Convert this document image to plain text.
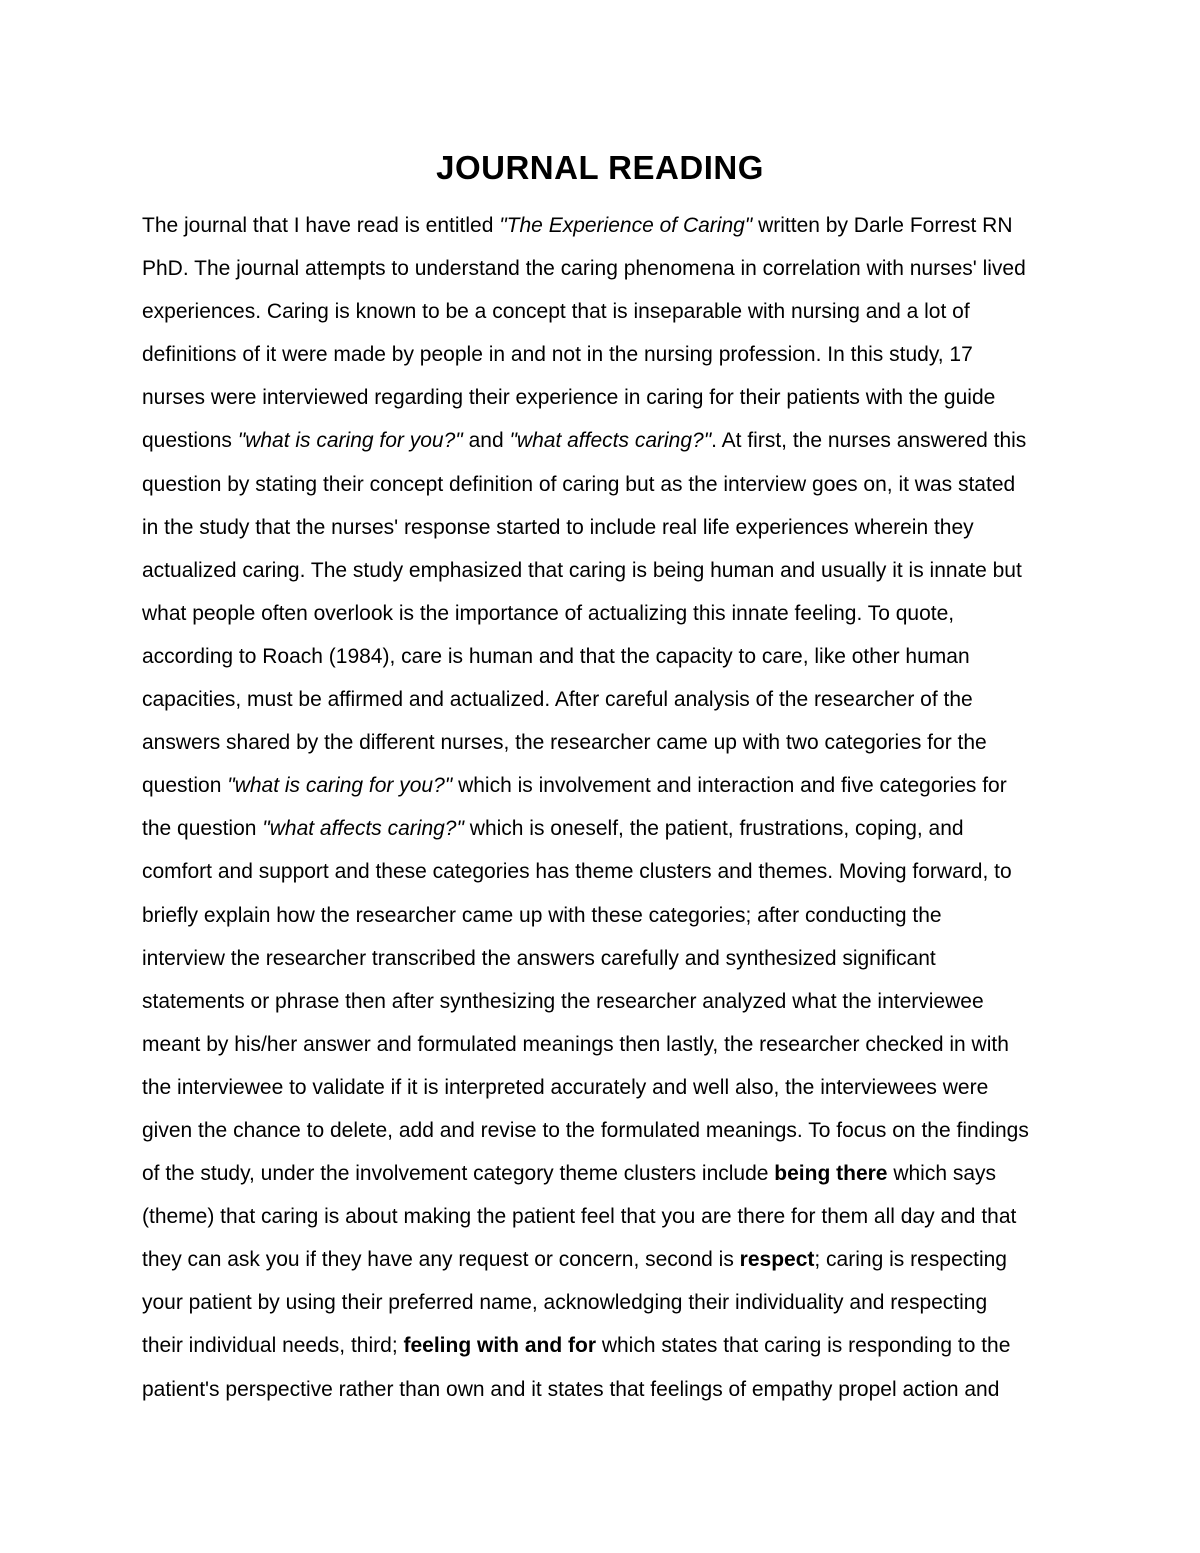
JOURNAL READING
The journal that I have read is entitled "The Experience of Caring" written by Darle Forrest RN
PhD. The journal attempts to understand the caring phenomena in correlation with nurses' lived
experiences. Caring is known to be a concept that is inseparable with nursing and a lot of
definitions of it were made by people in and not in the nursing profession. In this study, 17
nurses were interviewed regarding their experience in caring for their patients with the guide
questions "what is caring for you?" and "what affects caring?". At first, the nurses answered this
question by stating their concept definition of caring but as the interview goes on, it was stated
in the study that the nurses' response started to include real life experiences wherein they
actualized caring. The study emphasized that caring is being human and usually it is innate but
what people often overlook is the importance of actualizing this innate feeling. To quote,
according to Roach (1984), care is human and that the capacity to care, like other human
capacities, must be affirmed and actualized. After careful analysis of the researcher of the
answers shared by the different nurses, the researcher came up with two categories for the
question "what is caring for you?" which is involvement and interaction and five categories for
the question "what affects caring?" which is oneself, the patient, frustrations, coping, and
comfort and support and these categories has theme clusters and themes. Moving forward, to
briefly explain how the researcher came up with these categories; after conducting the
interview the researcher transcribed the answers carefully and synthesized significant
statements or phrase then after synthesizing the researcher analyzed what the interviewee
meant by his/her answer and formulated meanings then lastly, the researcher checked in with
the interviewee to validate if it is interpreted accurately and well also, the interviewees were
given the chance to delete, add and revise to the formulated meanings. To focus on the findings
of the study, under the involvement category theme clusters include being there which says
(theme) that caring is about making the patient feel that you are there for them all day and that
they can ask you if they have any request or concern, second is respect; caring is respecting
your patient by using their preferred name, acknowledging their individuality and respecting
their individual needs, third; feeling with and for which states that caring is responding to the
patient's perspective rather than own and it states that feelings of empathy propel action and
